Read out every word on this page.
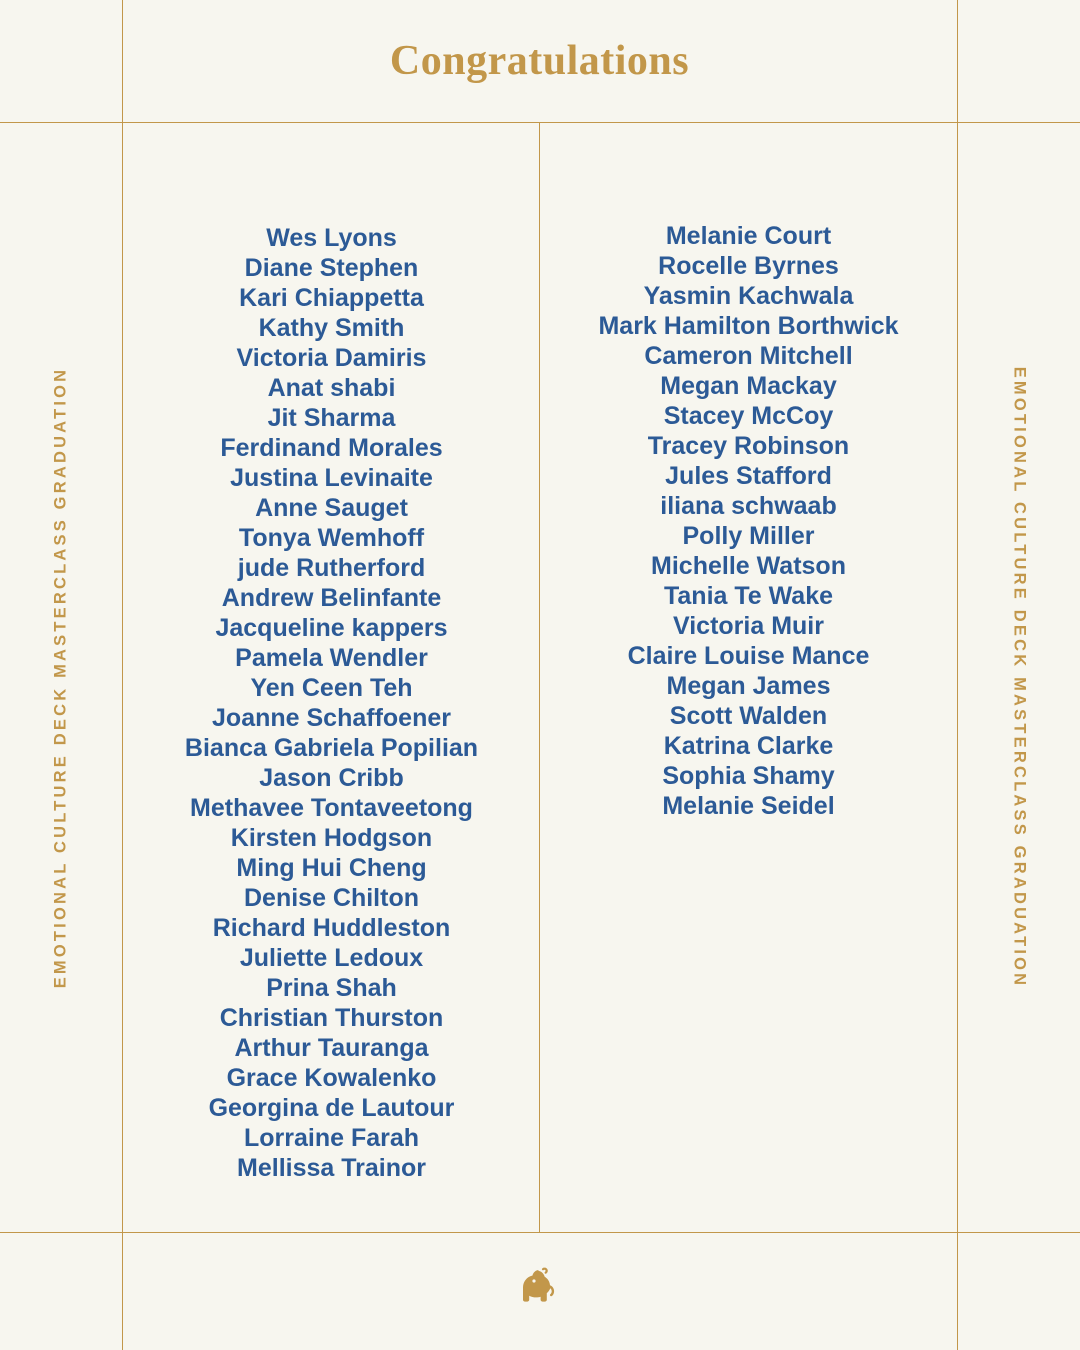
Congratulations
EMOTIONAL CULTURE DECK MASTERCLASS GRADUATION	EMOTIONAL CULTURE DECK MASTERCLASS GRADUATION
Wes Lyons
Diane Stephen
Kari Chiappetta
Kathy Smith
Victoria Damiris
Anat shabi
Jit Sharma
Ferdinand Morales
Justina Levinaite
Anne Sauget
Tonya Wemhoff
jude Rutherford
Andrew Belinfante
Jacqueline kappers
Pamela Wendler
Yen Ceen Teh
Joanne Schaffoener
Bianca Gabriela Popilian
Jason Cribb
Methavee Tontaveetong
Kirsten Hodgson
Ming Hui Cheng
Denise Chilton
Richard Huddleston
Juliette Ledoux
Prina Shah
Christian Thurston
Arthur Tauranga
Grace Kowalenko
Georgina de Lautour
Lorraine Farah
Mellissa Trainor
Melanie Court
Rocelle Byrnes
Yasmin Kachwala
Mark Hamilton Borthwick
Cameron Mitchell
Megan Mackay
Stacey McCoy
Tracey Robinson
Jules Stafford
iliana schwaab
Polly Miller
Michelle Watson
Tania Te Wake
Victoria Muir
Claire Louise Mance
Megan James
Scott Walden
Katrina Clarke
Sophia Shamy
Melanie Seidel
